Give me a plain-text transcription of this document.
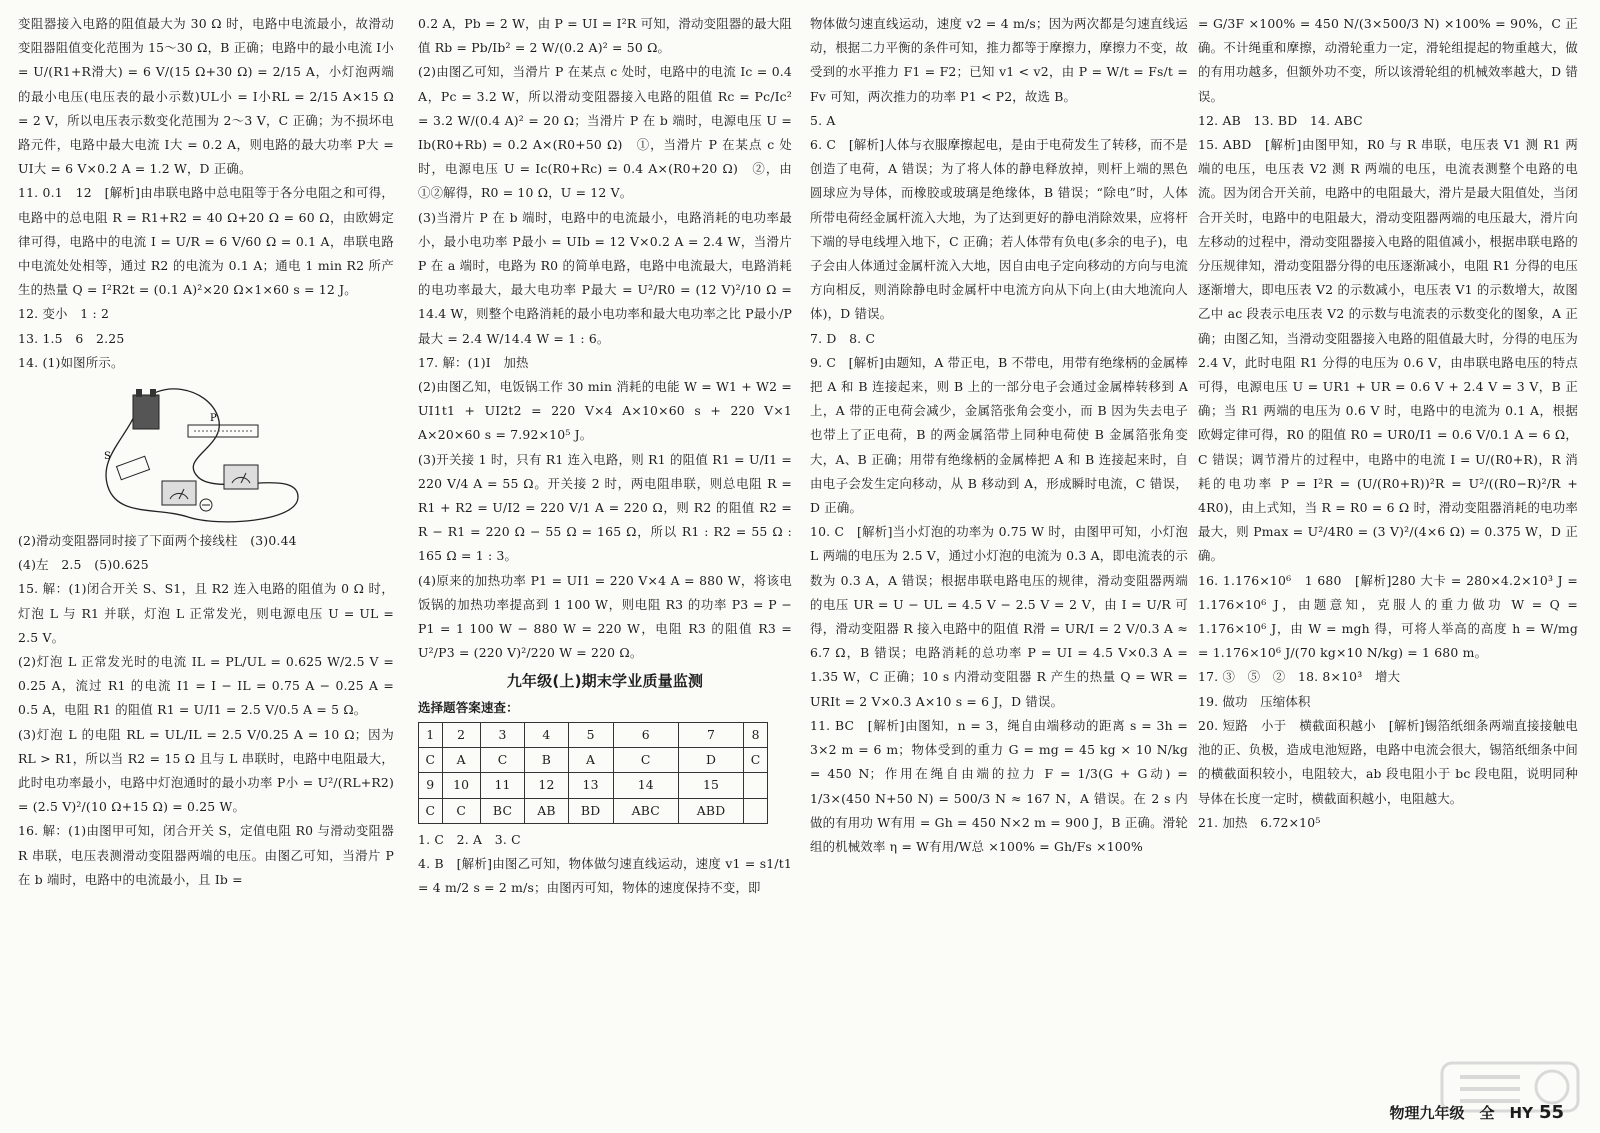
变阻器接入电路的阻值最大为 30 Ω 时，电路中电流最小，故滑动变阻器阻值变化范围为 15～30 Ω，B 正确；电路中的最小电流 I小 = U/(R1+R滑大) = 6 V/(15 Ω+30 Ω) = 2/15 A，小灯泡两端的最小电压(电压表的最小示数)UL小 = I小RL = 2/15 A×15 Ω = 2 V，所以电压表示数变化范围为 2～3 V，C 正确；为不损坏电路元件，电路中最大电流 I大 = 0.2 A，则电路的最大功率 P大 = UI大 = 6 V×0.2 A = 1.2 W，D 正确。

11. 0.1　12　[解析]由串联电路中总电阻等于各分电阻之和可得，电路中的总电阻 R = R1+R2 = 40 Ω+20 Ω = 60 Ω，由欧姆定律可得，电路中的电流 I = U/R = 6 V/60 Ω = 0.1 A，串联电路中电流处处相等，通过 R2 的电流为 0.1 A；通电 1 min R2 所产生的热量 Q = I²R2t = (0.1 A)²×20 Ω×1×60 s = 12 J。

12. 变小　1 : 2

13. 1.5　6　2.25

14. (1)如图所示。

P
S

(2)滑动变阻器同时接了下面两个接线柱　(3)0.44

(4)左　2.5　(5)0.625

15. 解：(1)闭合开关 S、S1，且 R2 连入电路的阻值为 0 Ω 时，灯泡 L 与 R1 并联，灯泡 L 正常发光，则电源电压 U = UL = 2.5 V。

(2)灯泡 L 正常发光时的电流 IL = PL/UL = 0.625 W/2.5 V = 0.25 A，流过 R1 的电流 I1 = I − IL = 0.75 A − 0.25 A = 0.5 A，电阻 R1 的阻值 R1 = U/I1 = 2.5 V/0.5 A = 5 Ω。

(3)灯泡 L 的电阻 RL = UL/IL = 2.5 V/0.25 A = 10 Ω；因为 RL > R1，所以当 R2 = 15 Ω 且与 L 串联时，电路中电阻最大，此时电功率最小，电路中灯泡通时的最小功率 P小 = U²/(RL+R2) = (2.5 V)²/(10 Ω+15 Ω) = 0.25 W。

16. 解：(1)由图甲可知，闭合开关 S，定值电阻 R0 与滑动变阻器 R 串联，电压表测滑动变阻器两端的电压。由图乙可知，当滑片 P 在 b 端时，电路中的电流最小，且 Ib =

0.2 A，Pb = 2 W，由 P = UI = I²R 可知，滑动变阻器的最大阻值 Rb = Pb/Ib² = 2 W/(0.2 A)² = 50 Ω。

(2)由图乙可知，当滑片 P 在某点 c 处时，电路中的电流 Ic = 0.4 A，Pc = 3.2 W，所以滑动变阻器接入电路的阻值 Rc = Pc/Ic² = 3.2 W/(0.4 A)² = 20 Ω；当滑片 P 在 b 端时，电源电压 U = Ib(R0+Rb) = 0.2 A×(R0+50 Ω)　①，当滑片 P 在某点 c 处时，电源电压 U = Ic(R0+Rc) = 0.4 A×(R0+20 Ω)　②，由①②解得，R0 = 10 Ω，U = 12 V。

(3)当滑片 P 在 b 端时，电路中的电流最小，电路消耗的电功率最小，最小电功率 P最小 = UIb = 12 V×0.2 A = 2.4 W，当滑片 P 在 a 端时，电路为 R0 的简单电路，电路中电流最大，电路消耗的电功率最大，最大电功率 P最大 = U²/R0 = (12 V)²/10 Ω = 14.4 W，则整个电路消耗的最小电功率和最大电功率之比 P最小/P最大 = 2.4 W/14.4 W = 1 : 6。

17. 解：(1)Ⅰ　加热

(2)由图乙知，电饭锅工作 30 min 消耗的电能 W = W1 + W2 = UI1t1 + UI2t2 = 220 V×4 A×10×60 s + 220 V×1 A×20×60 s = 7.92×10⁵ J。

(3)开关接 1 时，只有 R1 连入电路，则 R1 的阻值 R1 = U/I1 = 220 V/4 A = 55 Ω。开关接 2 时，两电阻串联，则总电阻 R = R1 + R2 = U/I2 = 220 V/1 A = 220 Ω，则 R2 的阻值 R2 = R − R1 = 220 Ω − 55 Ω = 165 Ω，所以 R1 : R2 = 55 Ω : 165 Ω = 1 : 3。

(4)原来的加热功率 P1 = UI1 = 220 V×4 A = 880 W，将该电饭锅的加热功率提高到 1 100 W，则电阻 R3 的功率 P3 = P − P1 = 1 100 W − 880 W = 220 W，电阻 R3 的阻值 R3 = U²/P3 = (220 V)²/220 W = 220 Ω。

九年级(上)期末学业质量监测

选择题答案速查：

1	2	3	4	5	6	7	8
C	A	C	B	A	C	D	C
9	10	11	12	13	14	15	
C	C	BC	AB	BD	ABC	ABD	

1. C　2. A　3. C

4. B　[解析]由图乙可知，物体做匀速直线运动，速度 v1 = s1/t1 = 4 m/2 s = 2 m/s；由图丙可知，物体的速度保持不变，即

物体做匀速直线运动，速度 v2 = 4 m/s；因为两次都是匀速直线运动，根据二力平衡的条件可知，推力都等于摩擦力，摩擦力不变，故受到的水平推力 F1 = F2；已知 v1 < v2，由 P = W/t = Fs/t = Fv 可知，两次推力的功率 P1 < P2，故选 B。

5. A

6. C　[解析]人体与衣服摩擦起电，是由于电荷发生了转移，而不是创造了电荷，A 错误；为了将人体的静电释放掉，则杆上端的黑色圆球应为导体，而橡胶或玻璃是绝缘体，B 错误；“除电”时，人体所带电荷经金属杆流入大地，为了达到更好的静电消除效果，应将杆下端的导电线埋入地下，C 正确；若人体带有负电(多余的电子)，电子会由人体通过金属杆流入大地，因自由电子定向移动的方向与电流方向相反，则消除静电时金属杆中电流方向从下向上(由大地流向人体)，D 错误。

7. D　8. C

9. C　[解析]由题知，A 带正电，B 不带电，用带有绝缘柄的金属棒把 A 和 B 连接起来，则 B 上的一部分电子会通过金属棒转移到 A 上，A 带的正电荷会减少，金属箔张角会变小，而 B 因为失去电子也带上了正电荷，B 的两金属箔带上同种电荷使 B 金属箔张角变大，A、B 正确；用带有绝缘柄的金属棒把 A 和 B 连接起来时，自由电子会发生定向移动，从 B 移动到 A，形成瞬时电流，C 错误，D 正确。

10. C　[解析]当小灯泡的功率为 0.75 W 时，由图甲可知，小灯泡 L 两端的电压为 2.5 V，通过小灯泡的电流为 0.3 A，即电流表的示数为 0.3 A，A 错误；根据串联电路电压的规律，滑动变阻器两端的电压 UR = U − UL = 4.5 V − 2.5 V = 2 V，由 I = U/R 可得，滑动变阻器 R 接入电路中的阻值 R滑 = UR/I = 2 V/0.3 A ≈ 6.7 Ω，B 错误；电路消耗的总功率 P = UI = 4.5 V×0.3 A = 1.35 W，C 正确；10 s 内滑动变阻器 R 产生的热量 Q = WR = URIt = 2 V×0.3 A×10 s = 6 J，D 错误。

11. BC　[解析]由图知，n = 3，绳自由端移动的距离 s = 3h = 3×2 m = 6 m；物体受到的重力 G = mg = 45 kg × 10 N/kg = 450 N；作用在绳自由端的拉力 F = 1/3(G + G动) = 1/3×(450 N+50 N) = 500/3 N ≈ 167 N，A 错误。在 2 s 内做的有用功 W有用 = Gh = 450 N×2 m = 900 J，B 正确。滑轮组的机械效率 η = W有用/W总 ×100% = Gh/Fs ×100%

= G/3F ×100% = 450 N/(3×500/3 N) ×100% = 90%，C 正确。不计绳重和摩擦，动滑轮重力一定，滑轮组提起的物重越大，做的有用功越多，但额外功不变，所以该滑轮组的机械效率越大，D 错误。

12. AB　13. BD　14. ABC

15. ABD　[解析]由图甲知，R0 与 R 串联，电压表 V1 测 R1 两端的电压，电压表 V2 测 R 两端的电压，电流表测整个电路的电流。因为闭合开关前，电路中的电阻最大，滑片是最大阻值处，当闭合开关时，电路中的电阻最大，滑动变阻器两端的电压最大，滑片向左移动的过程中，滑动变阻器接入电路的阻值减小，根据串联电路的分压规律知，滑动变阻器分得的电压逐渐减小，电阻 R1 分得的电压逐渐增大，即电压表 V2 的示数减小，电压表 V1 的示数增大，故图乙中 ac 段表示电压表 V2 的示数与电流表的示数变化的图象，A 正确；由图乙知，当滑动变阻器接入电路的阻值最大时，分得的电压为 2.4 V，此时电阻 R1 分得的电压为 0.6 V，由串联电路电压的特点可得，电源电压 U = UR1 + UR = 0.6 V + 2.4 V = 3 V，B 正确；当 R1 两端的电压为 0.6 V 时，电路中的电流为 0.1 A，根据欧姆定律可得，R0 的阻值 R0 = UR0/I1 = 0.6 V/0.1 A = 6 Ω，C 错误；调节滑片的过程中，电路中的电流 I = U/(R0+R)，R 消耗的电功率 P = I²R = (U/(R0+R))²R = U²/((R0−R)²/R + 4R0)，由上式知，当 R = R0 = 6 Ω 时，滑动变阻器消耗的电功率最大，则 Pmax = U²/4R0 = (3 V)²/(4×6 Ω) = 0.375 W，D 正确。

16. 1.176×10⁶　1 680　[解析]280 大卡 = 280×4.2×10³ J = 1.176×10⁶ J，由题意知，克服人的重力做功 W = Q = 1.176×10⁶ J，由 W = mgh 得，可将人举高的高度 h = W/mg = 1.176×10⁶ J/(70 kg×10 N/kg) = 1 680 m。

17. ③　⑤　②　18. 8×10³　增大

19. 做功　压缩体积

20. 短路　小于　横截面积越小　[解析]锡箔纸细条两端直接接触电池的正、负极，造成电池短路，电路中电流会很大，锡箔纸细条中间的横截面积较小，电阻较大，ab 段电阻小于 bc 段电阻，说明同种导体在长度一定时，横截面积越小，电阻越大。

21. 加热　6.72×10⁵

物理九年级　全　HY 55
